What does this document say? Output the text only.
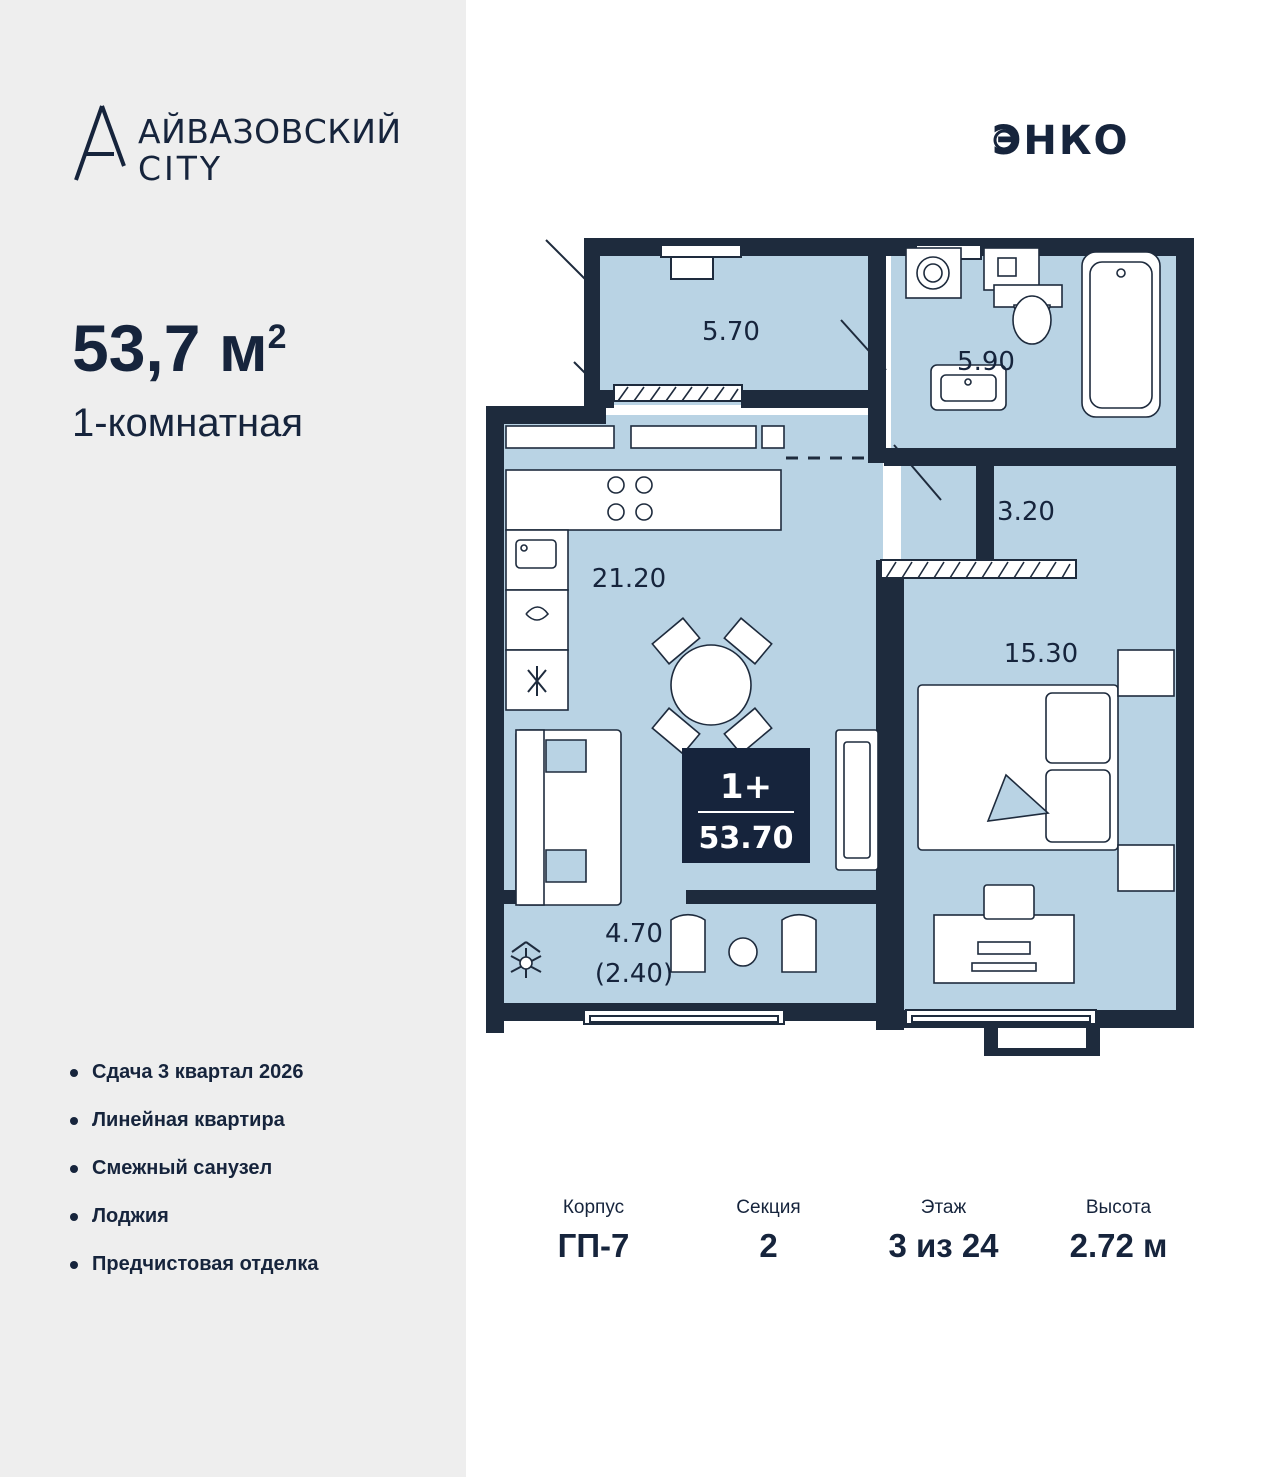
АЙВАЗОВСКИЙ
CITY
53,7 $м^2$
1-комнатная
Сдача 3 квартал 2026
Линейная квартира
Смежный санузел
Лоджия
Предчистовая отделка
ЭНКО
5.70
5.90
3.20
21.20
15.30
4.70
(2.40)
1+
53.70
Корпус
ГП-7
Секция
2
Этаж
3 из 24
Высота
2.72 м
